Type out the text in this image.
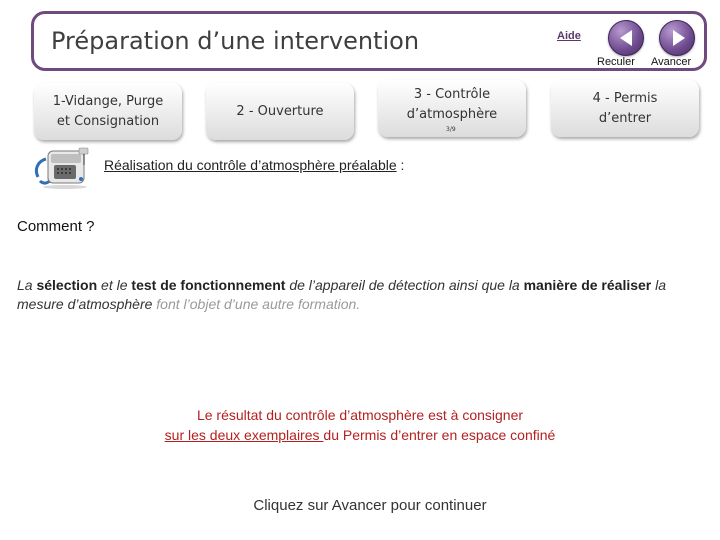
Préparation d’une intervention	Aide
Reculer Avancer
1-Vidange, Purge
et Consignation
2 - Ouverture
3 - Contrôle
d’atmosphère
3/9
4 - Permis
d’entrer
Réalisation du contrôle d’atmosphère préalable :
Comment ?
La sélection et le test de fonctionnement de l’appareil de détection ainsi que la manière de réaliser la mesure d’atmosphère font l’objet d’une autre formation.
Le résultat du contrôle d’atmosphère est à consigner
sur les deux exemplaires du Permis d’entrer en espace confiné
Cliquez sur Avancer pour continuer
